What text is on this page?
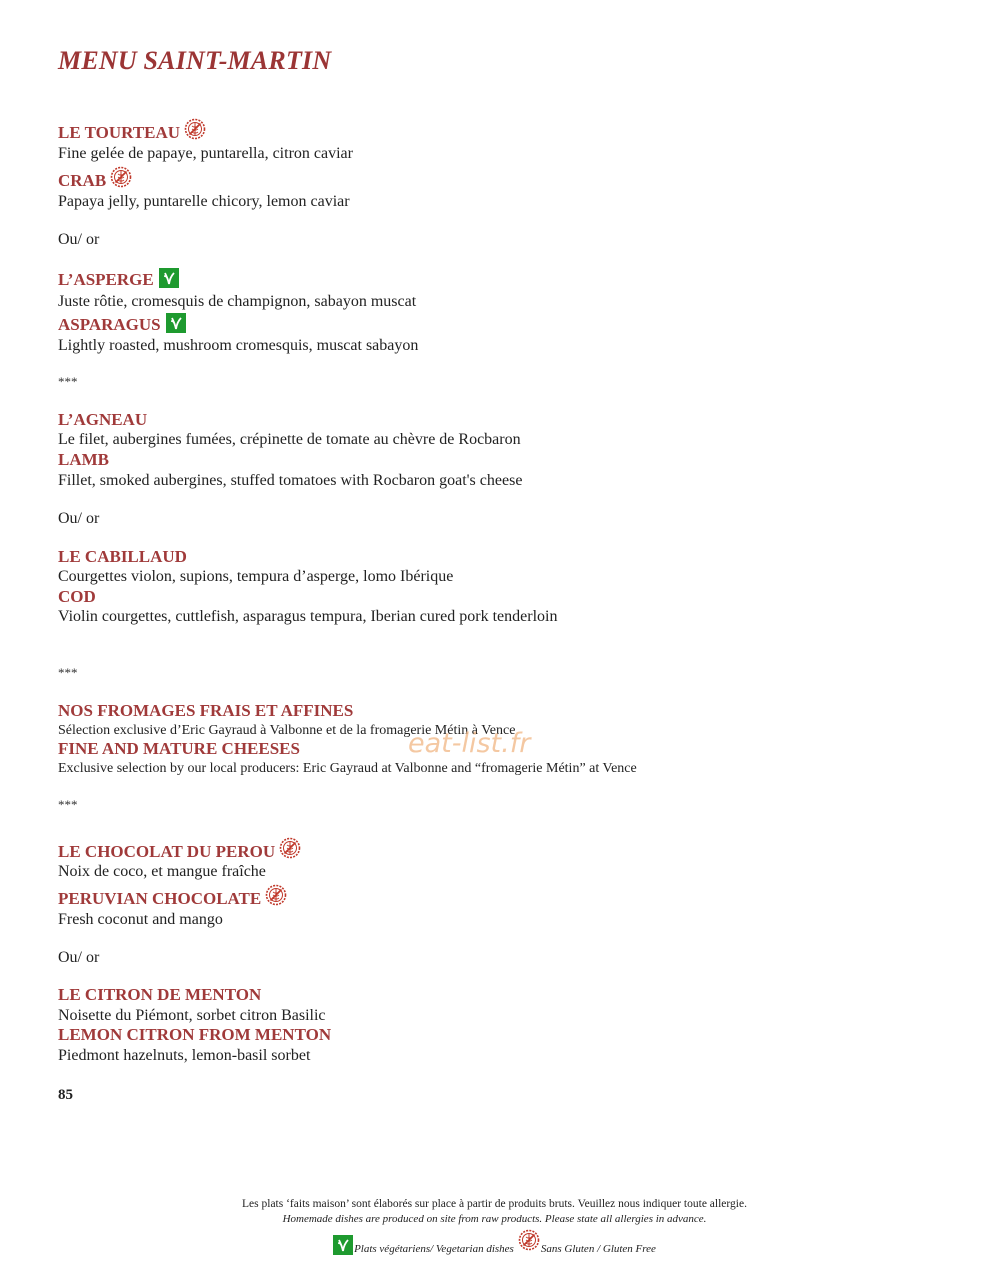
MENU SAINT-MARTIN
LE TOURTEAU
Fine gelée de papaye, puntarella, citron caviar
CRAB
Papaya jelly, puntarelle chicory, lemon caviar
Ou/ or
L’ASPERGE
Juste rôtie, cromesquis de champignon, sabayon muscat
ASPARAGUS
Lightly roasted, mushroom cromesquis, muscat sabayon
***
L’AGNEAU
Le filet, aubergines fumées, crépinette de tomate au chèvre de Rocbaron
LAMB
Fillet, smoked aubergines, stuffed tomatoes with Rocbaron goat's cheese
Ou/ or
LE CABILLAUD
Courgettes violon, supions, tempura d’asperge, lomo Ibérique
COD
Violin courgettes, cuttlefish, asparagus tempura, Iberian cured pork tenderloin
***
NOS FROMAGES FRAIS ET AFFINES
Sélection exclusive d’Eric Gayraud à Valbonne et de la fromagerie Métin à Vence
FINE AND MATURE CHEESES
Exclusive selection by our local producers: Eric Gayraud at Valbonne and “fromagerie Métin” at Vence
eat-list.fr
***
LE CHOCOLAT DU PEROU
Noix de coco, et mangue fraîche
PERUVIAN CHOCOLATE
Fresh coconut and mango
Ou/ or
LE CITRON DE MENTON
Noisette du Piémont, sorbet citron Basilic
LEMON CITRON FROM MENTON
Piedmont hazelnuts, lemon-basil sorbet
85
Les plats ‘faits maison’ sont élaborés sur place à partir de produits bruts. Veuillez nous indiquer toute allergie.
Homemade dishes are produced on site from raw products. Please state all allergies in advance.
Plats végétariens/ Vegetarian dishes Sans Gluten / Gluten Free
